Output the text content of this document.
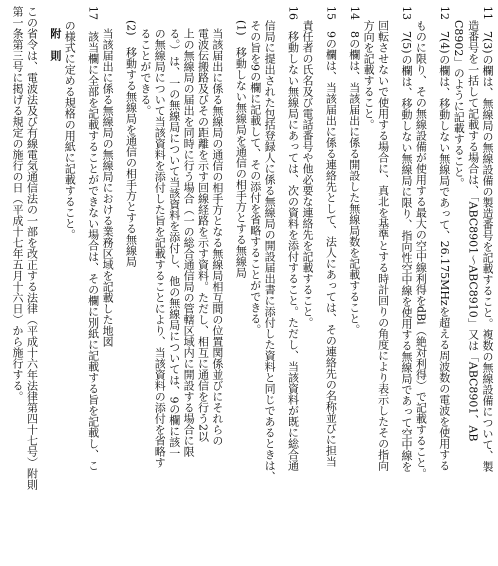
11　7(3)の欄は、無線局の無線設備の製造番号を記載すること。複数の無線設備について、製
造番号を一括して記載する場合は、「ABC8901〜ABC8910」又は「ABC8901、AB
C8902」のように記載すること。
12　7(4)の欄は、移動しない無線局であって、26.175MHzを超える周波数の電波を使用する
ものに限り、その無線設備が使用する最大の空中線利得をdBi（絶対利得）で記載すること。
13　7(5)の欄は、移動しない無線局に限り、指向性空中線を使用する無線局であって空中線を
回転させないで使用する場合に、真北を基準とする時計回りの角度により表示したその指向
方向を記載すること。
14　8の欄は、当該届出に係る開設した無線局数を記載すること。
15　9の欄は、当該届出に係る連絡先として、法人にあっては、その連絡先の名称並びに担当
責任者の氏名及び電話番号や他必要な連絡先を記載すること。
16　移動しない無線局にあっては、次の資料を添付すること。ただし、当該資料が既に総合通
信局に提出された包括登録人に係る無線局の開設届出書に添付した資料と同じであるときは、
その旨を9の欄に記載して、その添付を省略することができる。
(1)　移動しない無線局を通信の相手方とする無線局
当該届出に係る無線局の通信の相手方となる無線局相互間の位置関係並びにそれらの
電波伝搬路及びその距離を示す回線経路を示す資料。ただし、相互に通信を行う2以
上の無線局の届出を同時に行う場合（一の総合通信局の管轄区域内に開設する場合に限
る。）は、一の無線局について当該資料を添付し、他の無線局については、9の欄に該一
の無線局について当該資料を添付した旨を記載することにより、当該資料の添付を省略す
ることができる。
(2)　移動する無線局を通信の相手方とする無線局
当該届出に係る無線局の無線局における業務区域を記載した地図
17　該当欄に全部を記載することができない場合は、その欄に別紙に記載する旨を記載し、こ
の様式に定める規格の用紙に記載すること。
附　則
この省令は、電波法及び有線電気通信法の一部を改正する法律（平成十六年法律第四十七号）附則
第一条第三号に掲げる規定の施行の日（平成十七年五月十六日）から施行する。
